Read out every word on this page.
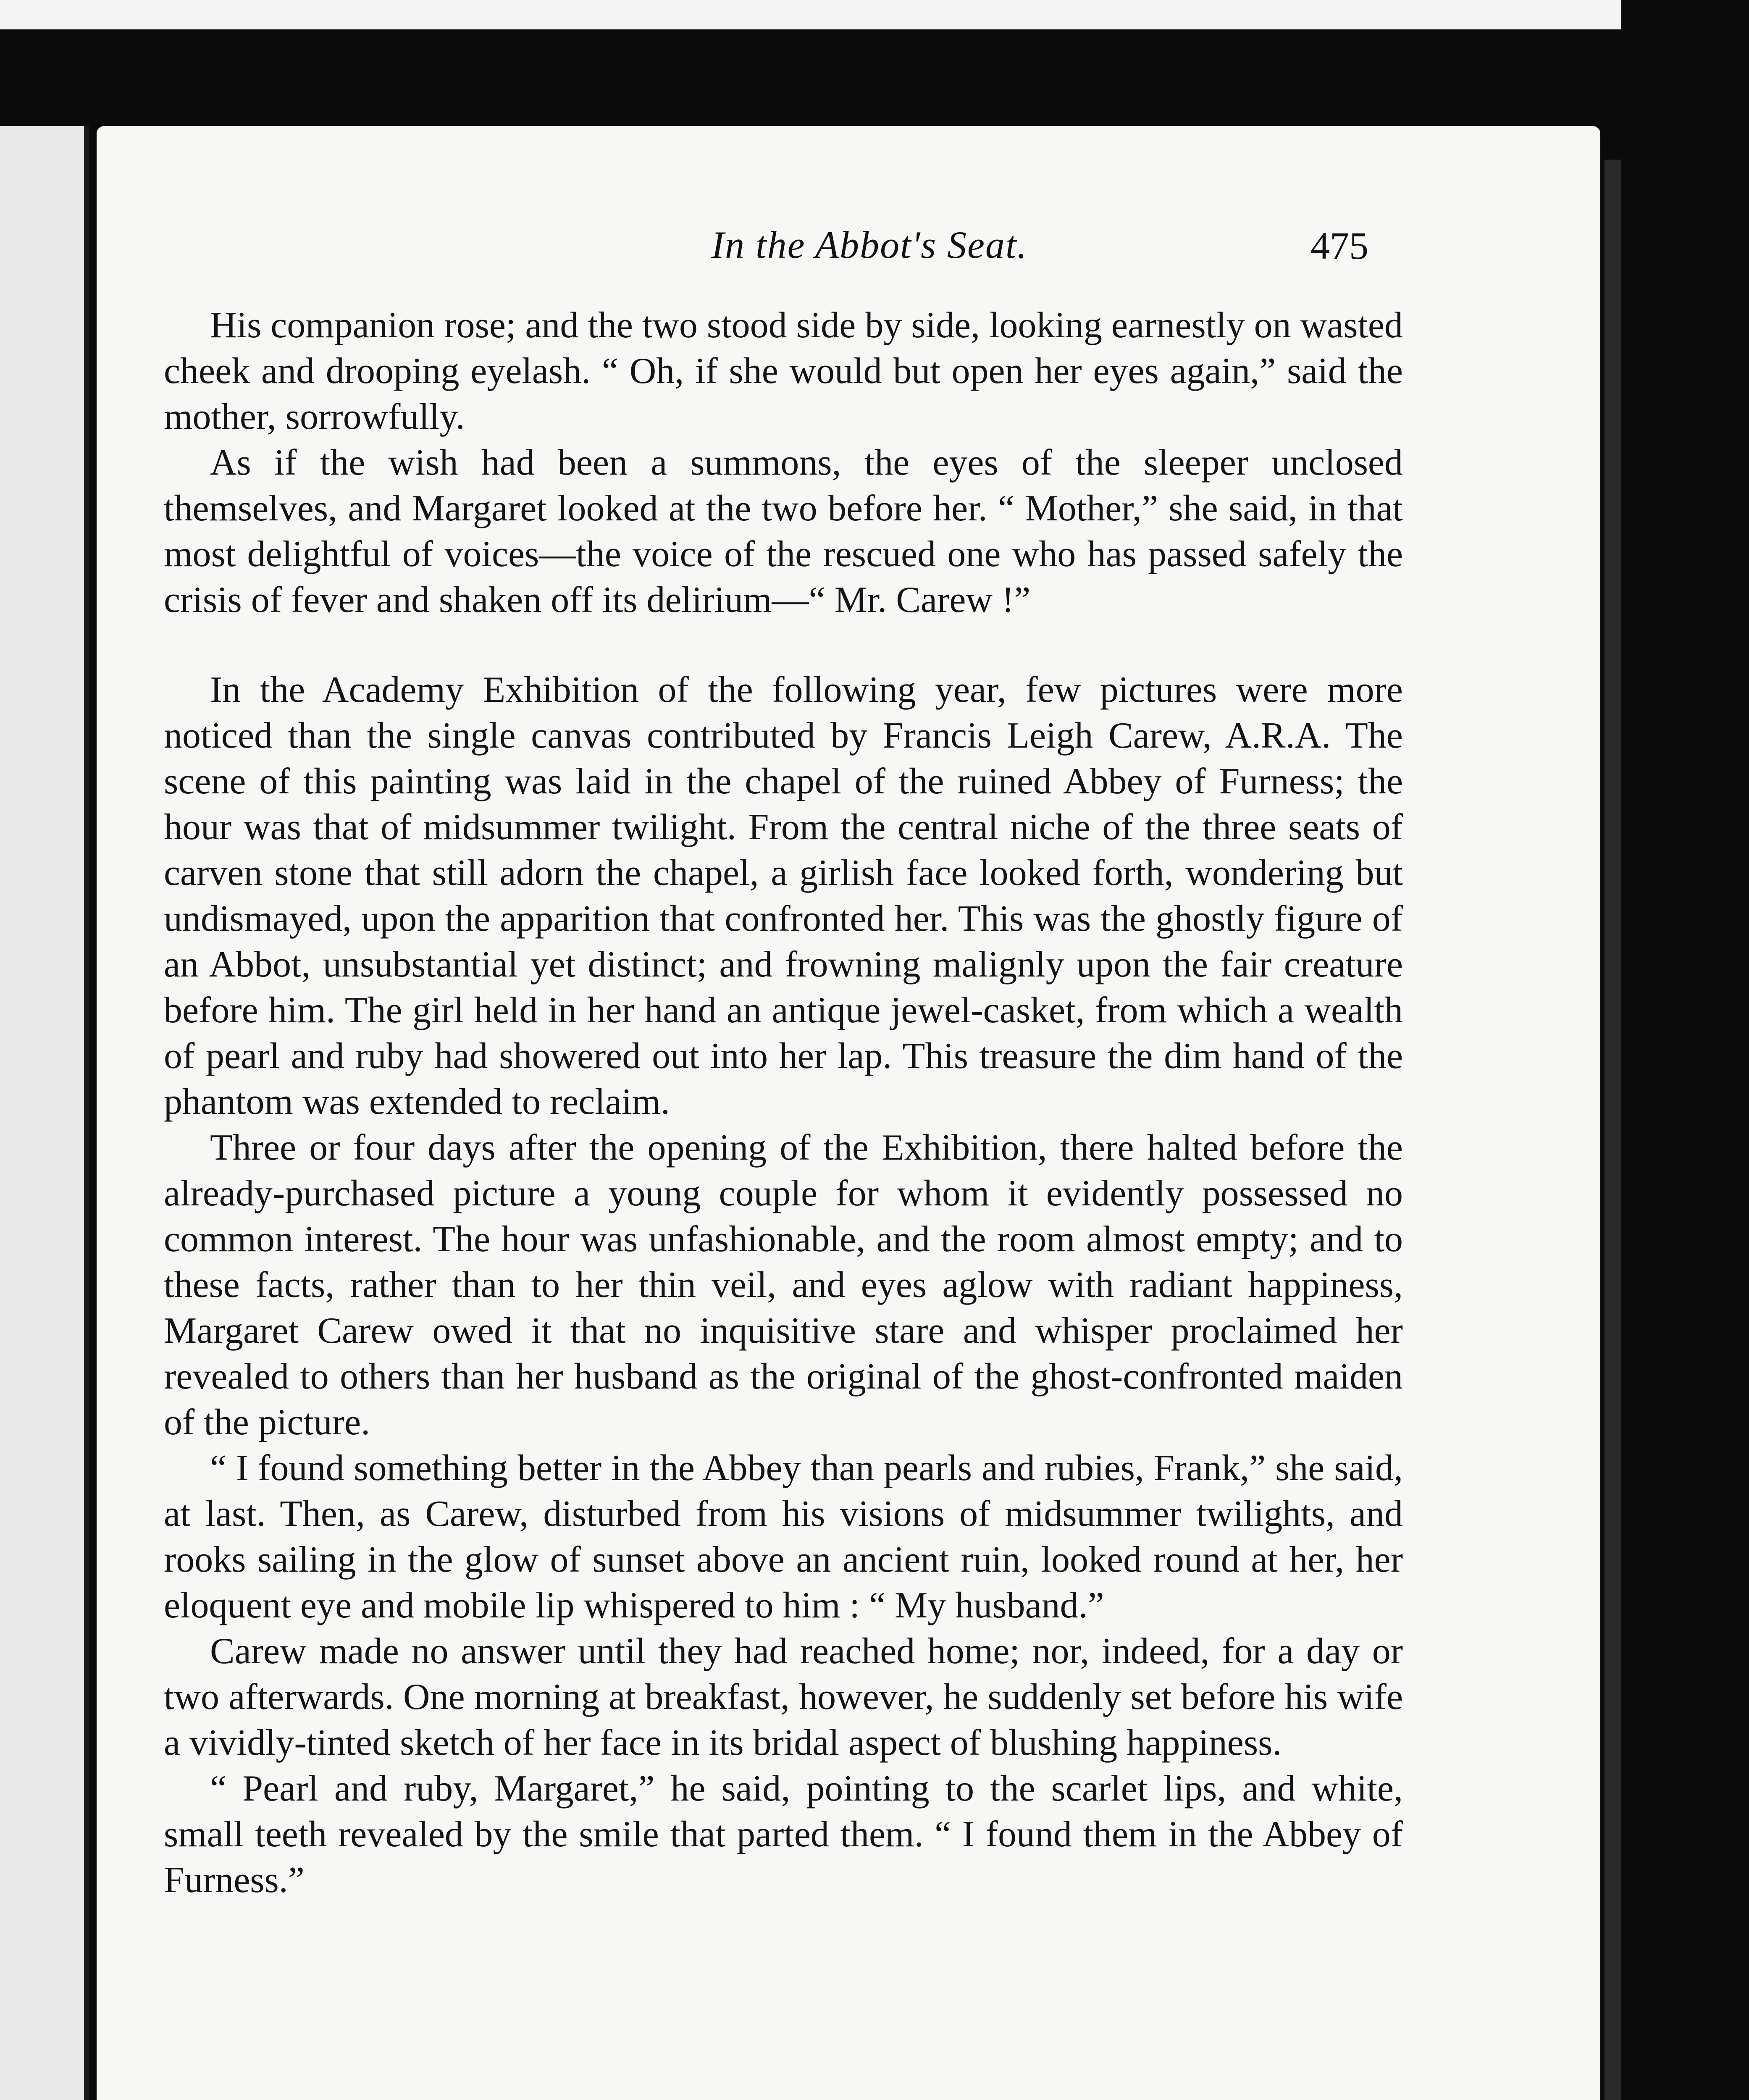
In the Abbot's Seat.	475

His companion rose; and the two stood side by side, looking earnestly on wasted cheek and drooping eyelash. “ Oh, if she would but open her eyes again,” said the mother, sorrowfully.

As if the wish had been a summons, the eyes of the sleeper unclosed themselves, and Margaret looked at the two before her. “ Mother,” she said, in that most delightful of voices—the voice of the rescued one who has passed safely the crisis of fever and shaken off its delirium—“ Mr. Carew !”

In the Academy Exhibition of the following year, few pictures were more noticed than the single canvas contributed by Francis Leigh Carew, A.R.A. The scene of this painting was laid in the chapel of the ruined Abbey of Furness; the hour was that of midsummer twilight. From the central niche of the three seats of carven stone that still adorn the chapel, a girlish face looked forth, wondering but undismayed, upon the apparition that confronted her. This was the ghostly figure of an Abbot, unsubstantial yet distinct; and frowning malignly upon the fair creature before him. The girl held in her hand an antique jewel-casket, from which a wealth of pearl and ruby had showered out into her lap. This treasure the dim hand of the phantom was extended to reclaim.

Three or four days after the opening of the Exhibition, there halted before the already-purchased picture a young couple for whom it evidently possessed no common interest. The hour was unfashionable, and the room almost empty; and to these facts, rather than to her thin veil, and eyes aglow with radiant happiness, Margaret Carew owed it that no inquisitive stare and whisper proclaimed her revealed to others than her husband as the original of the ghost-confronted maiden of the picture.

“ I found something better in the Abbey than pearls and rubies, Frank,” she said, at last. Then, as Carew, disturbed from his visions of midsummer twilights, and rooks sailing in the glow of sunset above an ancient ruin, looked round at her, her eloquent eye and mobile lip whispered to him : “ My husband.”

Carew made no answer until they had reached home; nor, indeed, for a day or two afterwards. One morning at breakfast, however, he suddenly set before his wife a vividly-tinted sketch of her face in its bridal aspect of blushing happiness.

“ Pearl and ruby, Margaret,” he said, pointing to the scarlet lips, and white, small teeth revealed by the smile that parted them. “ I found them in the Abbey of Furness.”
